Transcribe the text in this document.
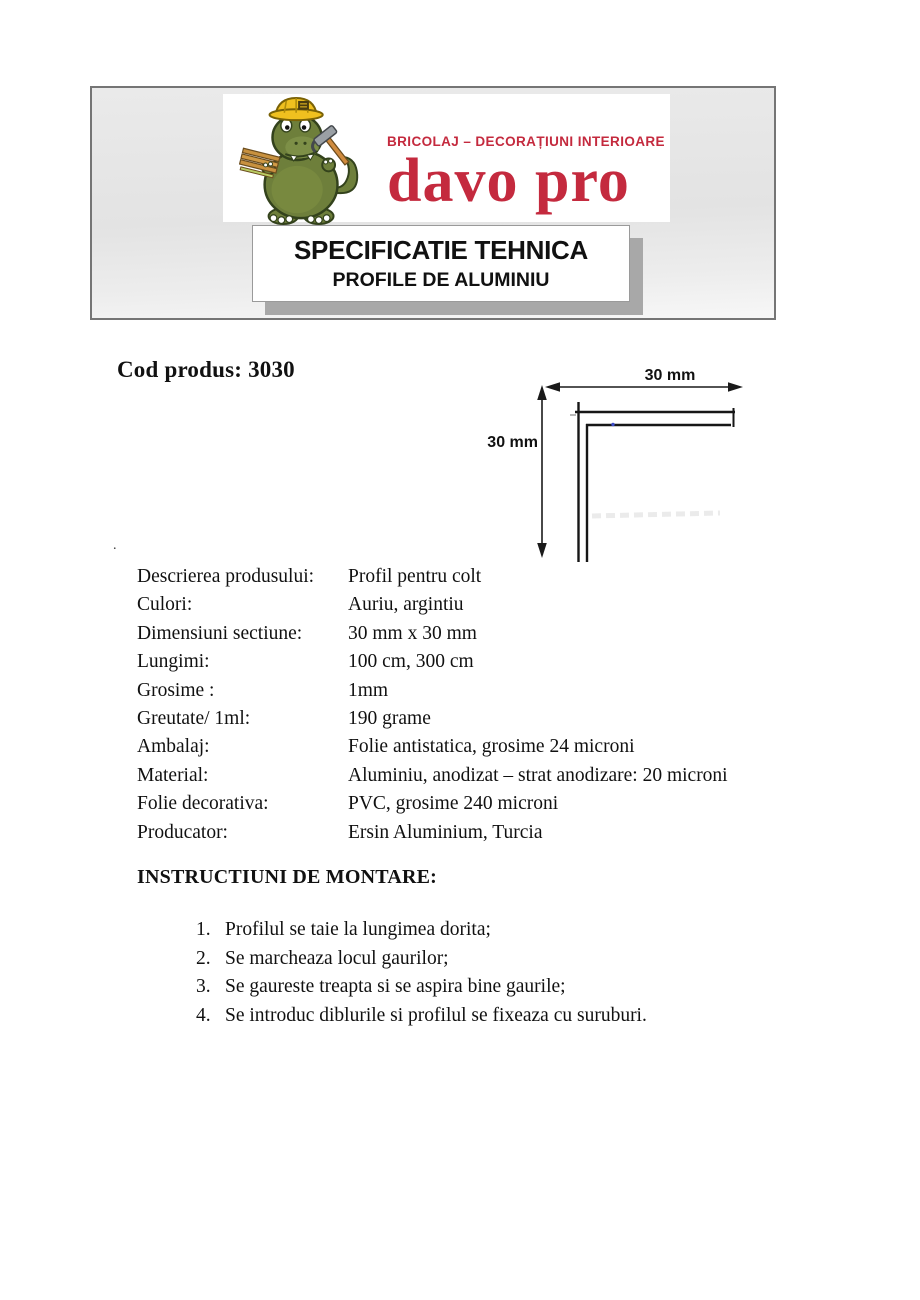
BRICOLAJ – DECORAȚIUNI INTERIOARE
davo pro
SPECIFICATIE TEHNICA
PROFILE DE ALUMINIU
Cod produs: 3030
.
30 mm
30 mm
Descrierea produsului:	Profil pentru colt
Culori:	Auriu, argintiu
Dimensiuni sectiune:	30 mm x 30 mm
Lungimi:	100 cm, 300 cm
Grosime :	1mm
Greutate/ 1ml:	190 grame
Ambalaj:	Folie antistatica, grosime 24 microni
Material:	Aluminiu, anodizat – strat anodizare: 20 microni
Folie decorativa:	PVC, grosime 240 microni
Producator:	Ersin Aluminium, Turcia
INSTRUCTIUNI DE MONTARE:
Profilul se taie la lungimea dorita;
Se marcheaza locul gaurilor;
Se gaureste treapta si se aspira bine gaurile;
Se introduc diblurile si profilul se fixeaza cu suruburi.
